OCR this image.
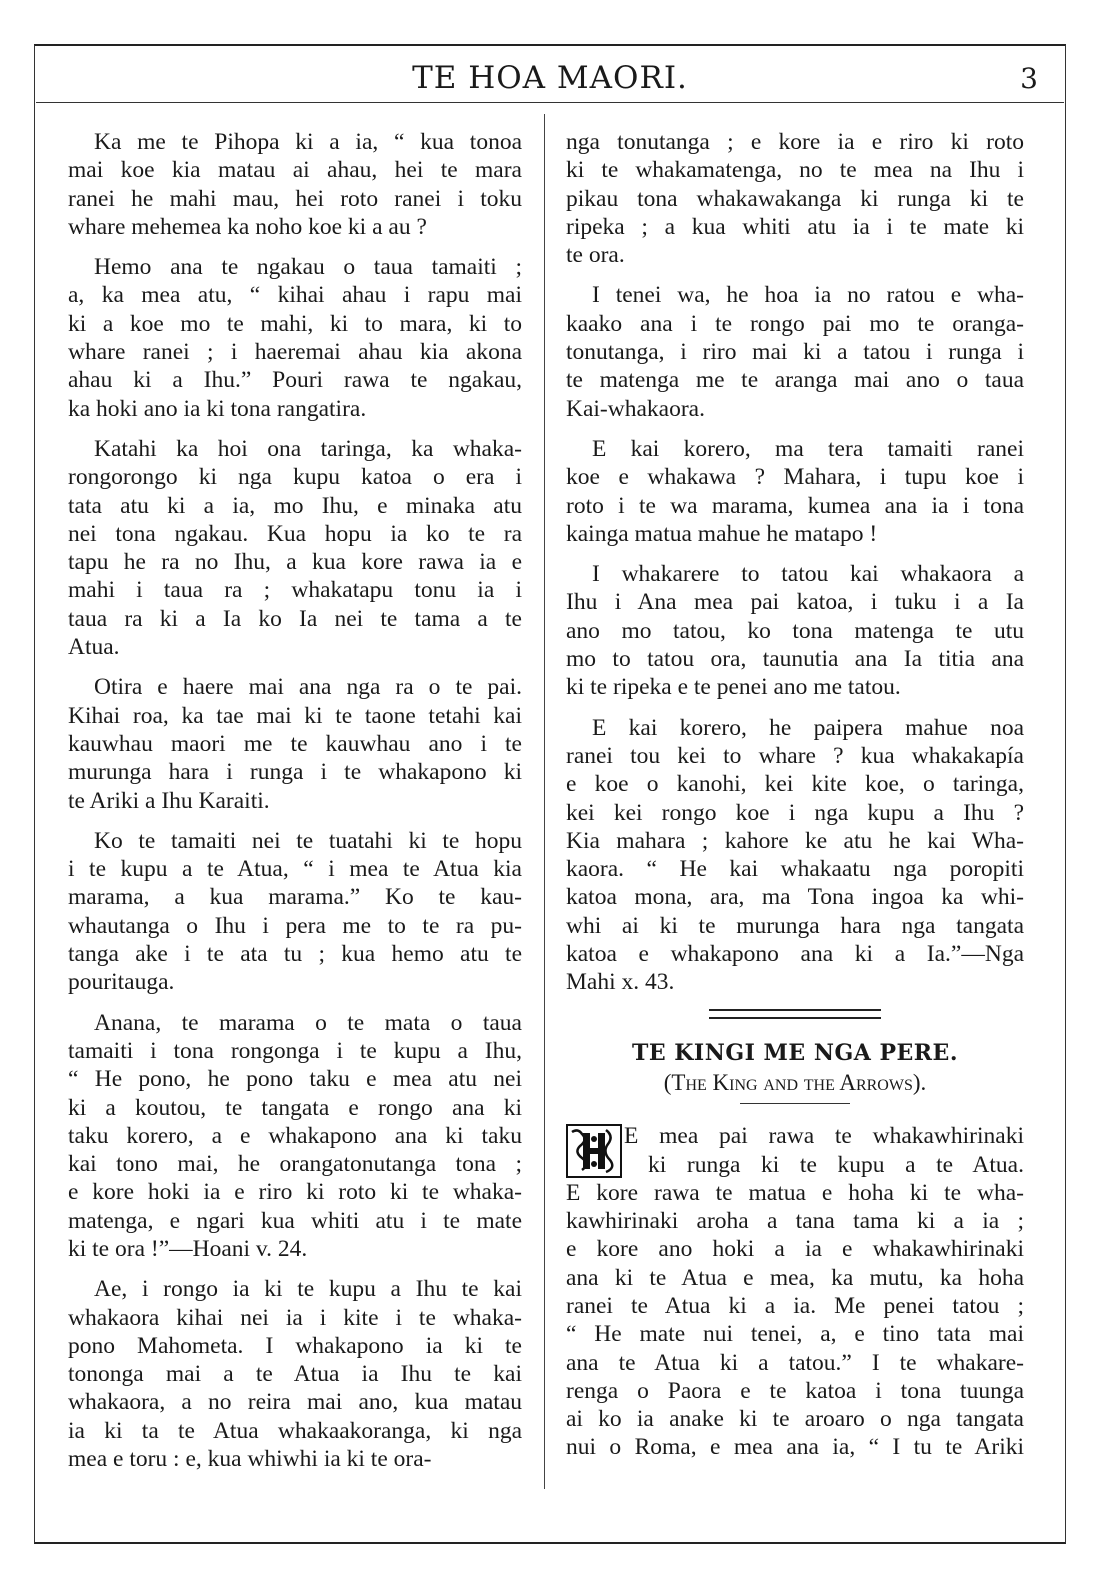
TE HOA MAORI.	3
Ka me te Pihopa ki a ia, “ kua tonoa
mai koe kia matau ai ahau, hei te mara
ranei he mahi mau, hei roto ranei i toku
whare mehemea ka noho koe ki a au ?
Hemo ana te ngakau o taua tamaiti ;
a, ka mea atu, “ kihai ahau i rapu mai
ki a koe mo te mahi, ki to mara, ki to
whare ranei ; i haeremai ahau kia akona
ahau ki a Ihu.” Pouri rawa te ngakau,
ka hoki ano ia ki tona rangatira.
Katahi ka hoi ona taringa, ka whaka-
rongorongo ki nga kupu katoa o era i
tata atu ki a ia, mo Ihu, e minaka atu
nei tona ngakau. Kua hopu ia ko te ra
tapu he ra no Ihu, a kua kore rawa ia e
mahi i taua ra ; whakatapu tonu ia i
taua ra ki a Ia ko Ia nei te tama a te
Atua.
Otira e haere mai ana nga ra o te pai.
Kihai roa, ka tae mai ki te taone tetahi kai
kauwhau maori me te kauwhau ano i te
murunga hara i runga i te whakapono ki
te Ariki a Ihu Karaiti.
Ko te tamaiti nei te tuatahi ki te hopu
i te kupu a te Atua, “ i mea te Atua kia
marama, a kua marama.” Ko te kau-
whautanga o Ihu i pera me to te ra pu-
tanga ake i te ata tu ; kua hemo atu te
pouritauga.
Anana, te marama o te mata o taua
tamaiti i tona rongonga i te kupu a Ihu,
“ He pono, he pono taku e mea atu nei
ki a koutou, te tangata e rongo ana ki
taku korero, a e whakapono ana ki taku
kai tono mai, he orangatonutanga tona ;
e kore hoki ia e riro ki roto ki te whaka-
matenga, e ngari kua whiti atu i te mate
ki te ora !”—Hoani v. 24.
Ae, i rongo ia ki te kupu a Ihu te kai
whakaora kihai nei ia i kite i te whaka-
pono Mahometa. I whakapono ia ki te
tononga mai a te Atua ia Ihu te kai
whakaora, a no reira mai ano, kua matau
ia ki ta te Atua whakaakoranga, ki nga
mea e toru : e, kua whiwhi ia ki te ora-
nga tonutanga ; e kore ia e riro ki roto
ki te whakamatenga, no te mea na Ihu i
pikau tona whakawakanga ki runga ki te
ripeka ; a kua whiti atu ia i te mate ki
te ora.
I tenei wa, he hoa ia no ratou e wha-
kaako ana i te rongo pai mo te oranga-
tonutanga, i riro mai ki a tatou i runga i
te matenga me te aranga mai ano o taua
Kai-whakaora.
E kai korero, ma tera tamaiti ranei
koe e whakawa ? Mahara, i tupu koe i
roto i te wa marama, kumea ana ia i tona
kainga matua mahue he matapo !
I whakarere to tatou kai whakaora a
Ihu i Ana mea pai katoa, i tuku i a Ia
ano mo tatou, ko tona matenga te utu
mo to tatou ora, taunutia ana Ia titia ana
ki te ripeka e te penei ano me tatou.
E kai korero, he paipera mahue noa
ranei tou kei to whare ? kua whakakapía
e koe o kanohi, kei kite koe, o taringa,
kei kei rongo koe i nga kupu a Ihu ?
Kia mahara ; kahore ke atu he kai Wha-
kaora. “ He kai whakaatu nga poropiti
katoa mona, ara, ma Tona ingoa ka whi-
whi ai ki te murunga hara nga tangata
katoa e whakapono ana ki a Ia.”—Nga
Mahi x. 43.
TE KINGI ME NGA PERE.
(The King and the Arrows).
E mea pai rawa te whakawhirinaki
ki runga ki te kupu a te Atua.
E kore rawa te matua e hoha ki te wha-
kawhirinaki aroha a tana tama ki a ia ;
e kore ano hoki a ia e whakawhirinaki
ana ki te Atua e mea, ka mutu, ka hoha
ranei te Atua ki a ia. Me penei tatou ;
“ He mate nui tenei, a, e tino tata mai
ana te Atua ki a tatou.” I te whakare-
renga o Paora e te katoa i tona tuunga
ai ko ia anake ki te aroaro o nga tangata
nui o Roma, e mea ana ia, “ I tu te Ariki
